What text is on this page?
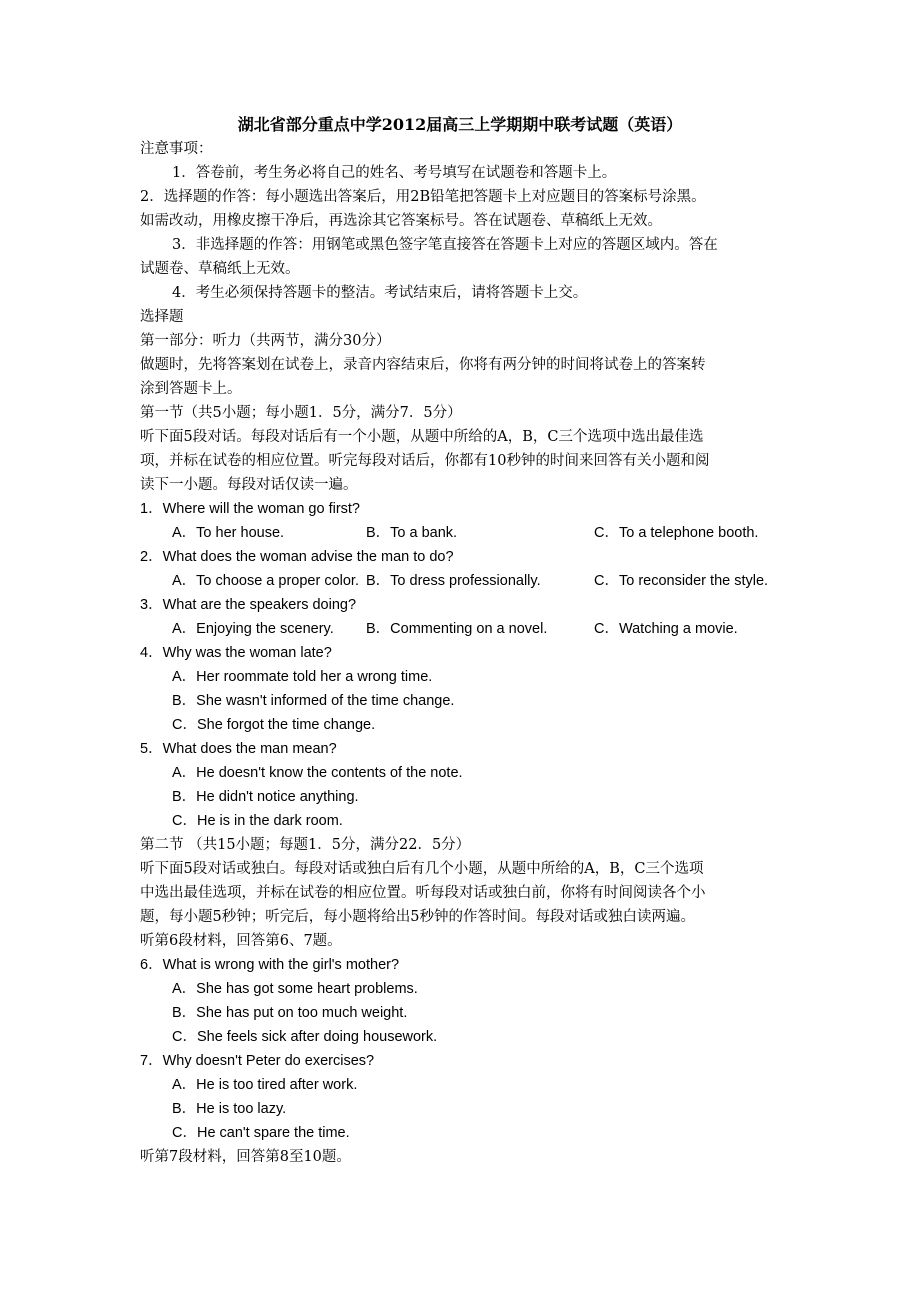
湖北省部分重点中学2012届高三上学期期中联考试题（英语）
注意事项：
1．答卷前，考生务必将自己的姓名、考号填写在试题卷和答题卡上。
2．选择题的作答：每小题选出答案后，用2B铅笔把答题卡上对应题目的答案标号涂黑。
如需改动，用橡皮擦干净后，再选涂其它答案标号。答在试题卷、草稿纸上无效。
3．非选择题的作答：用钢笔或黑色签字笔直接答在答题卡上对应的答题区域内。答在
试题卷、草稿纸上无效。
4．考生必须保持答题卡的整洁。考试结束后，请将答题卡上交。
选择题
第一部分：听力（共两节，满分30分）
做题时，先将答案划在试卷上，录音内容结束后，你将有两分钟的时间将试卷上的答案转
涂到答题卡上。
第一节（共5小题；每小题1．5分，满分7．5分）
听下面5段对话。每段对话后有一个小题，从题中所给的A，B，C三个选项中选出最佳选
项，并标在试卷的相应位置。听完每段对话后，你都有10秒钟的时间来回答有关小题和阅
读下一小题。每段对话仅读一遍。
1．Where will the woman go first?
A．To her house.	B．To a bank.	C．To a telephone booth.
2．What does the woman advise the man to do?
A．To choose a proper color. B．To dress professionally.	C．To reconsider the style.
3．What are the speakers doing?
A．Enjoying the scenery. B．Commenting on a novel.	C．Watching a movie.
4．Why was the woman late?
A．Her roommate told her a wrong time.
B．She wasn't informed of the time change.
C．She forgot the time change.
5．What does the man mean?
A．He doesn't know the contents of the note.
B．He didn't notice anything.
C．He is in the dark room.
第二节 （共15小题；每题1．5分，满分22．5分）
听下面5段对话或独白。每段对话或独白后有几个小题，从题中所给的A，B，C三个选项
中选出最佳选项，并标在试卷的相应位置。听每段对话或独白前，你将有时间阅读各个小
题，每小题5秒钟；听完后，每小题将给出5秒钟的作答时间。每段对话或独白读两遍。
听第6段材料，回答第6、7题。
6．What is wrong with the girl's mother?
A．She has got some heart problems.
B．She has put on too much weight.
C．She feels sick after doing housework.
7．Why doesn't Peter do exercises?
A．He is too tired after work.
B．He is too lazy.
C．He can't spare the time.
听第7段材料，回答第8至10题。
